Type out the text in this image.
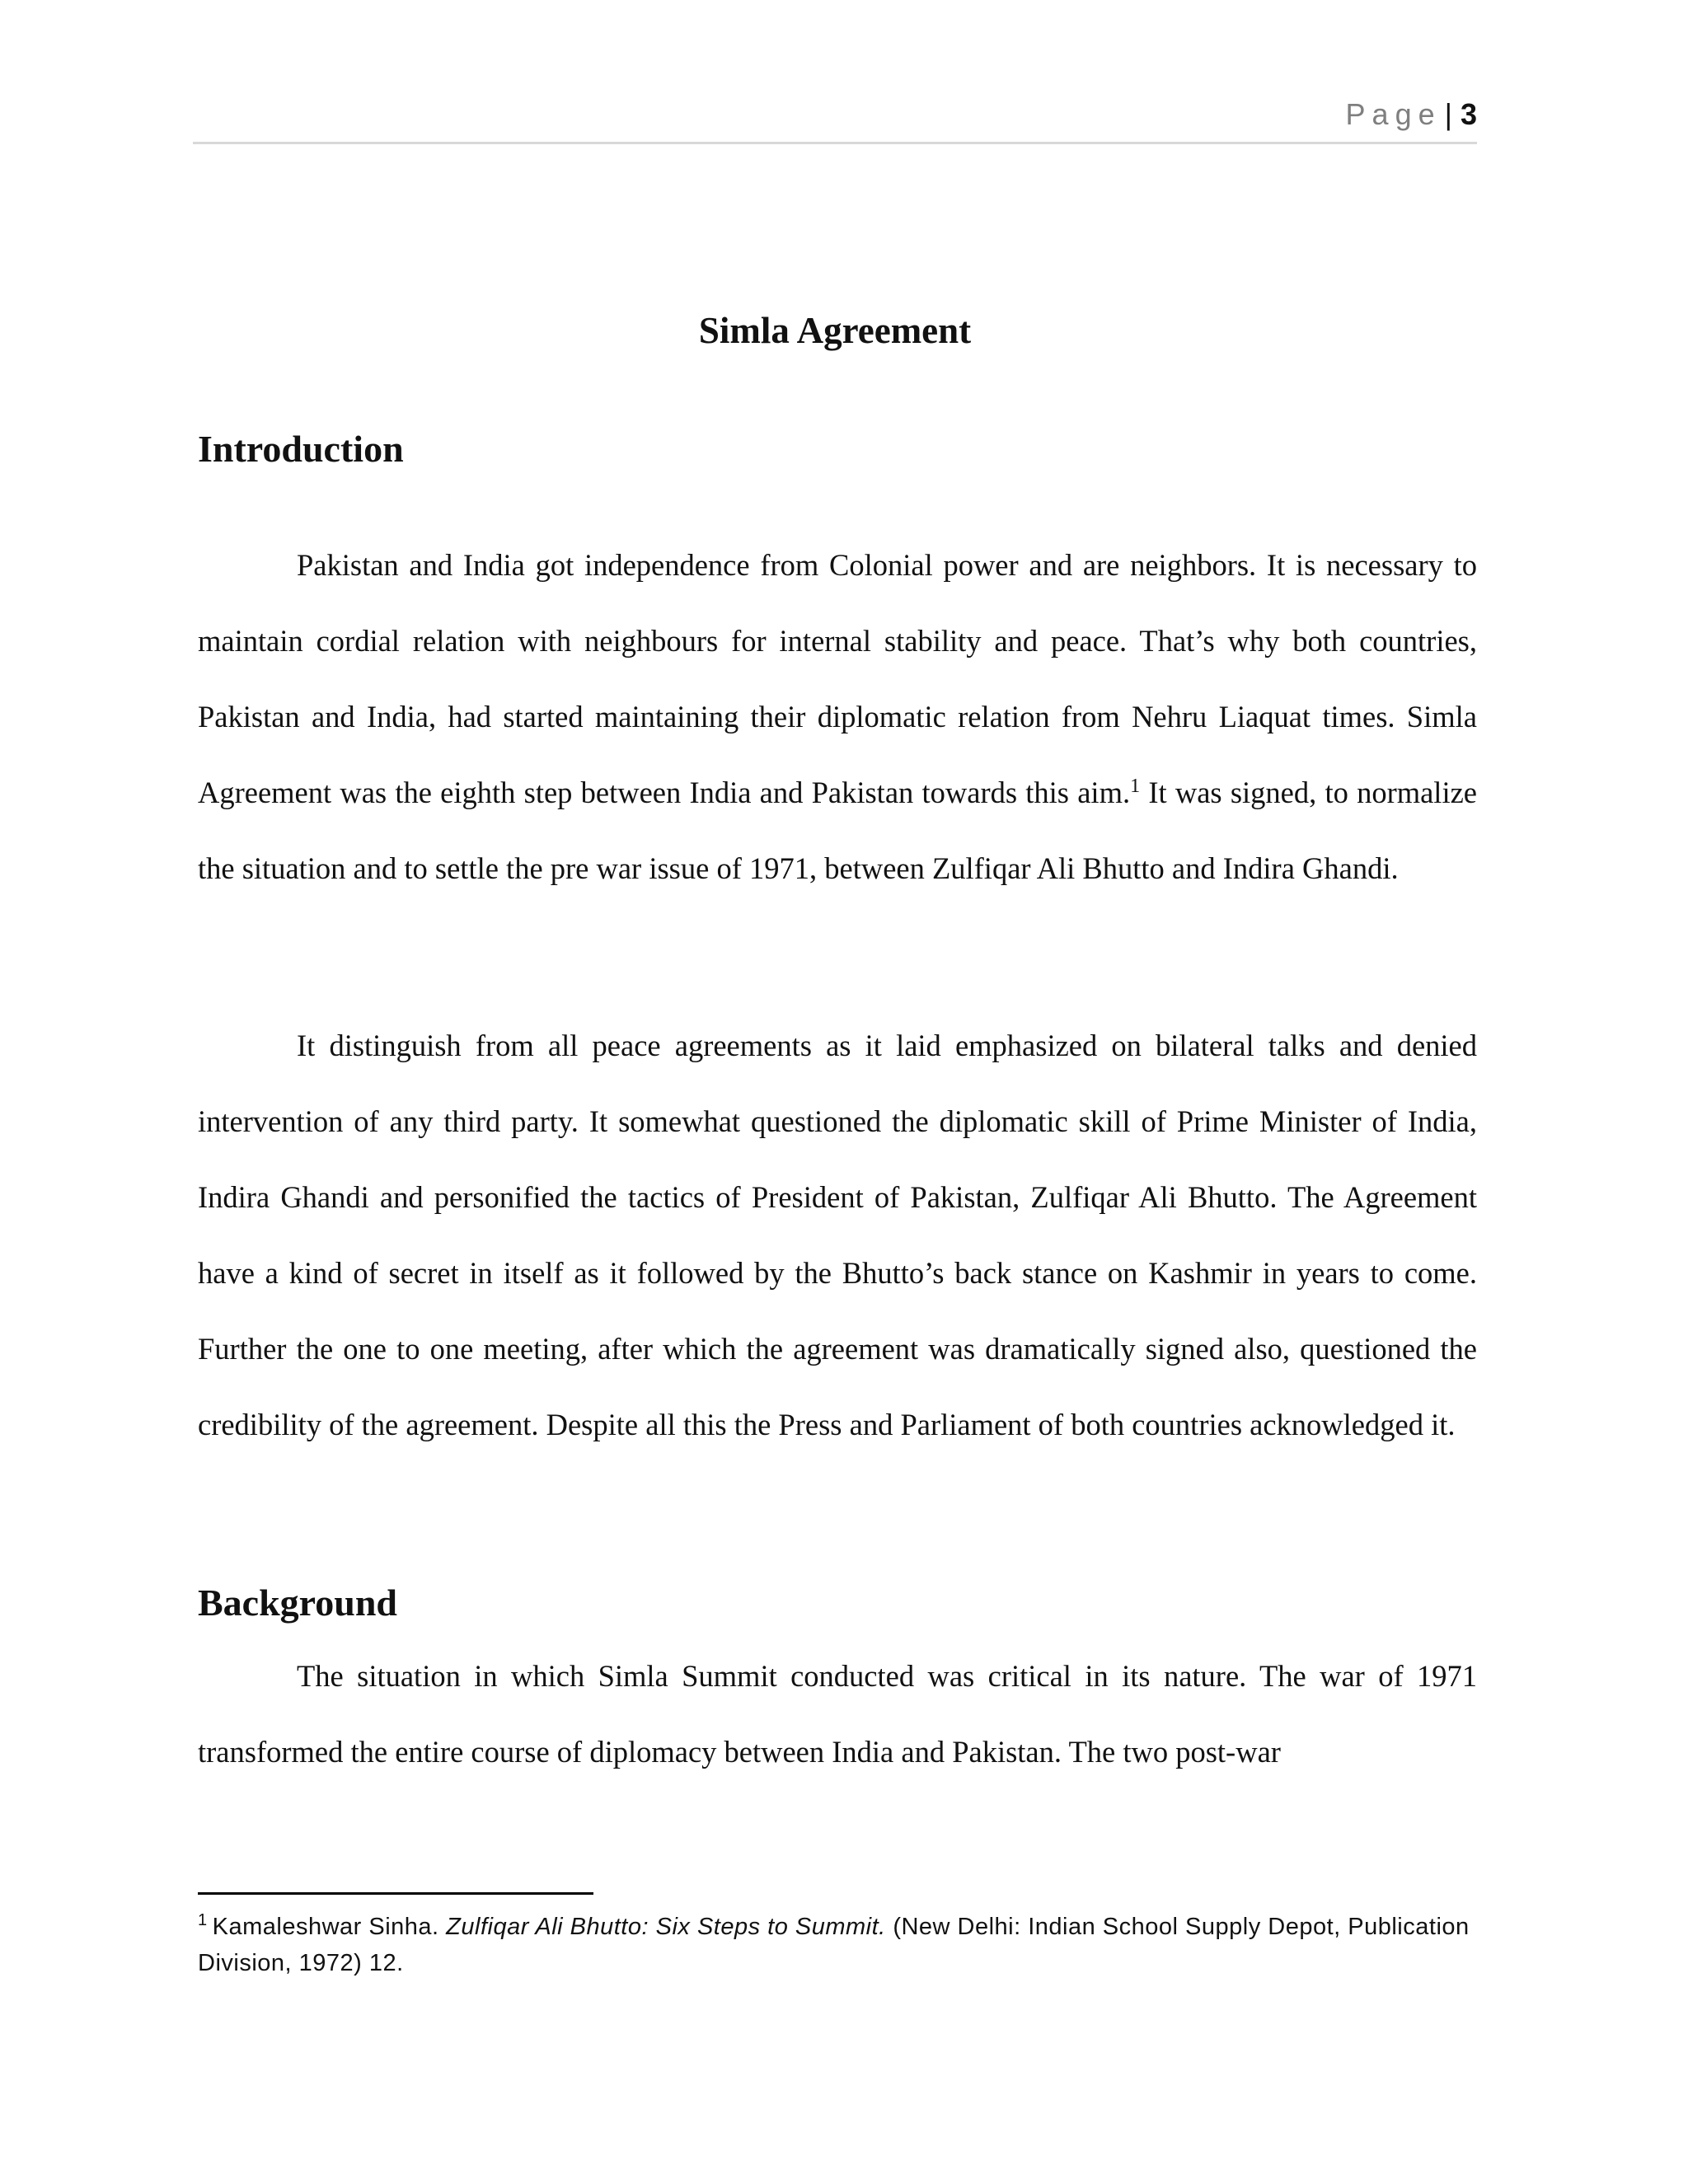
Page | 3
Simla Agreement
Introduction

Pakistan and India got independence from Colonial power and are neighbors. It is necessary to maintain cordial relation with neighbours for internal stability and peace. That’s why both countries, Pakistan and India, had started maintaining their diplomatic relation from Nehru Liaquat times. Simla Agreement was the eighth step between India and Pakistan towards this aim.$^1$ It was signed, to normalize the situation and to settle the pre war issue of 1971, between Zulfiqar Ali Bhutto and Indira Ghandi.

It distinguish from all peace agreements as it laid emphasized on bilateral talks and denied intervention of any third party. It somewhat questioned the diplomatic skill of Prime Minister of India, Indira Ghandi and personified the tactics of President of Pakistan, Zulfiqar Ali Bhutto. The Agreement have a kind of secret in itself as it followed by the Bhutto’s back stance on Kashmir in years to come. Further the one to one meeting, after which the agreement was dramatically signed also, questioned the credibility of the agreement. Despite all this the Press and Parliament of both countries acknowledged it.

Background

The situation in which Simla Summit conducted was critical in its nature. The war of 1971 transformed the entire course of diplomacy between India and Pakistan. The two post-war

$^1$ Kamaleshwar Sinha. Zulfiqar Ali Bhutto: Six Steps to Summit. (New Delhi: Indian School Supply Depot, Publication Division, 1972) 12.
